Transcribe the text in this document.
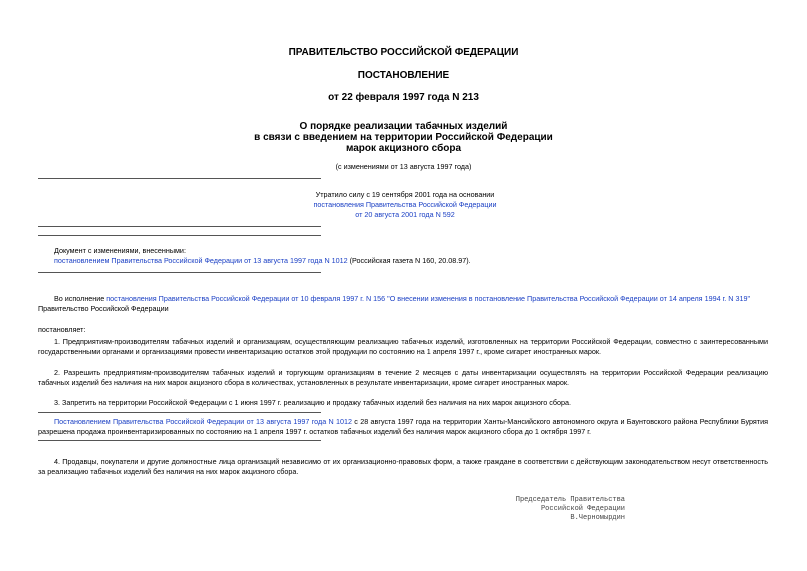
ПРАВИТЕЛЬСТВО РОССИЙСКОЙ ФЕДЕРАЦИИ
ПОСТАНОВЛЕНИЕ
от 22 февраля 1997 года N 213
О порядке реализации табачных изделий
в связи с введением на территории Российской Федерации
марок акцизного сбора
(с изменениями от 13 августа 1997 года)
Утратило силу с 19 сентября 2001 года на основании
постановления Правительства Российской Федерации
от 20 августа 2001 года N 592
Документ с изменениями, внесенными:
постановлением Правительства Российской Федерации от 13 августа 1997 года N 1012 (Российская газета N 160, 20.08.97).
Во исполнение постановления Правительства Российской Федерации от 10 февраля 1997 г. N 156 "О внесении изменения в постановление Правительства Российской Федерации от 14 апреля 1994 г. N 319" Правительство Российской Федерации
постановляет:
1. Предприятиям-производителям табачных изделий и организациям, осуществляющим реализацию табачных изделий, изготовленных на территории Российской Федерации, совместно с заинтересованными государственными органами и организациями провести инвентаризацию остатков этой продукции по состоянию на 1 апреля 1997 г., кроме сигарет иностранных марок.
2. Разрешить предприятиям-производителям табачных изделий и торгующим организациям в течение 2 месяцев с даты инвентаризации осуществлять на территории Российской Федерации реализацию табачных изделий без наличия на них марок акцизного сбора в количествах, установленных в результате инвентаризации, кроме сигарет иностранных марок.
3. Запретить на территории Российской Федерации с 1 июня 1997 г. реализацию и продажу табачных изделий без наличия на них марок акцизного сбора.
Постановлением Правительства Российской Федерации от 13 августа 1997 года N 1012 с 28 августа 1997 года на территории Ханты-Мансийского автономного округа и Баунтовского района Республики Бурятия разрешена продажа проинвентаризированных по состоянию на 1 апреля 1997 г. остатков табачных изделий без наличия марок акцизного сбора до 1 октября 1997 г.
4. Продавцы, покупатели и другие должностные лица организаций независимо от их организационно-правовых форм, а также граждане в соответствии с действующим законодательством несут ответственность за реализацию табачных изделий без наличия на них марок акцизного сбора.
Председатель Правительства
Российской Федерации
В.Черномырдин
